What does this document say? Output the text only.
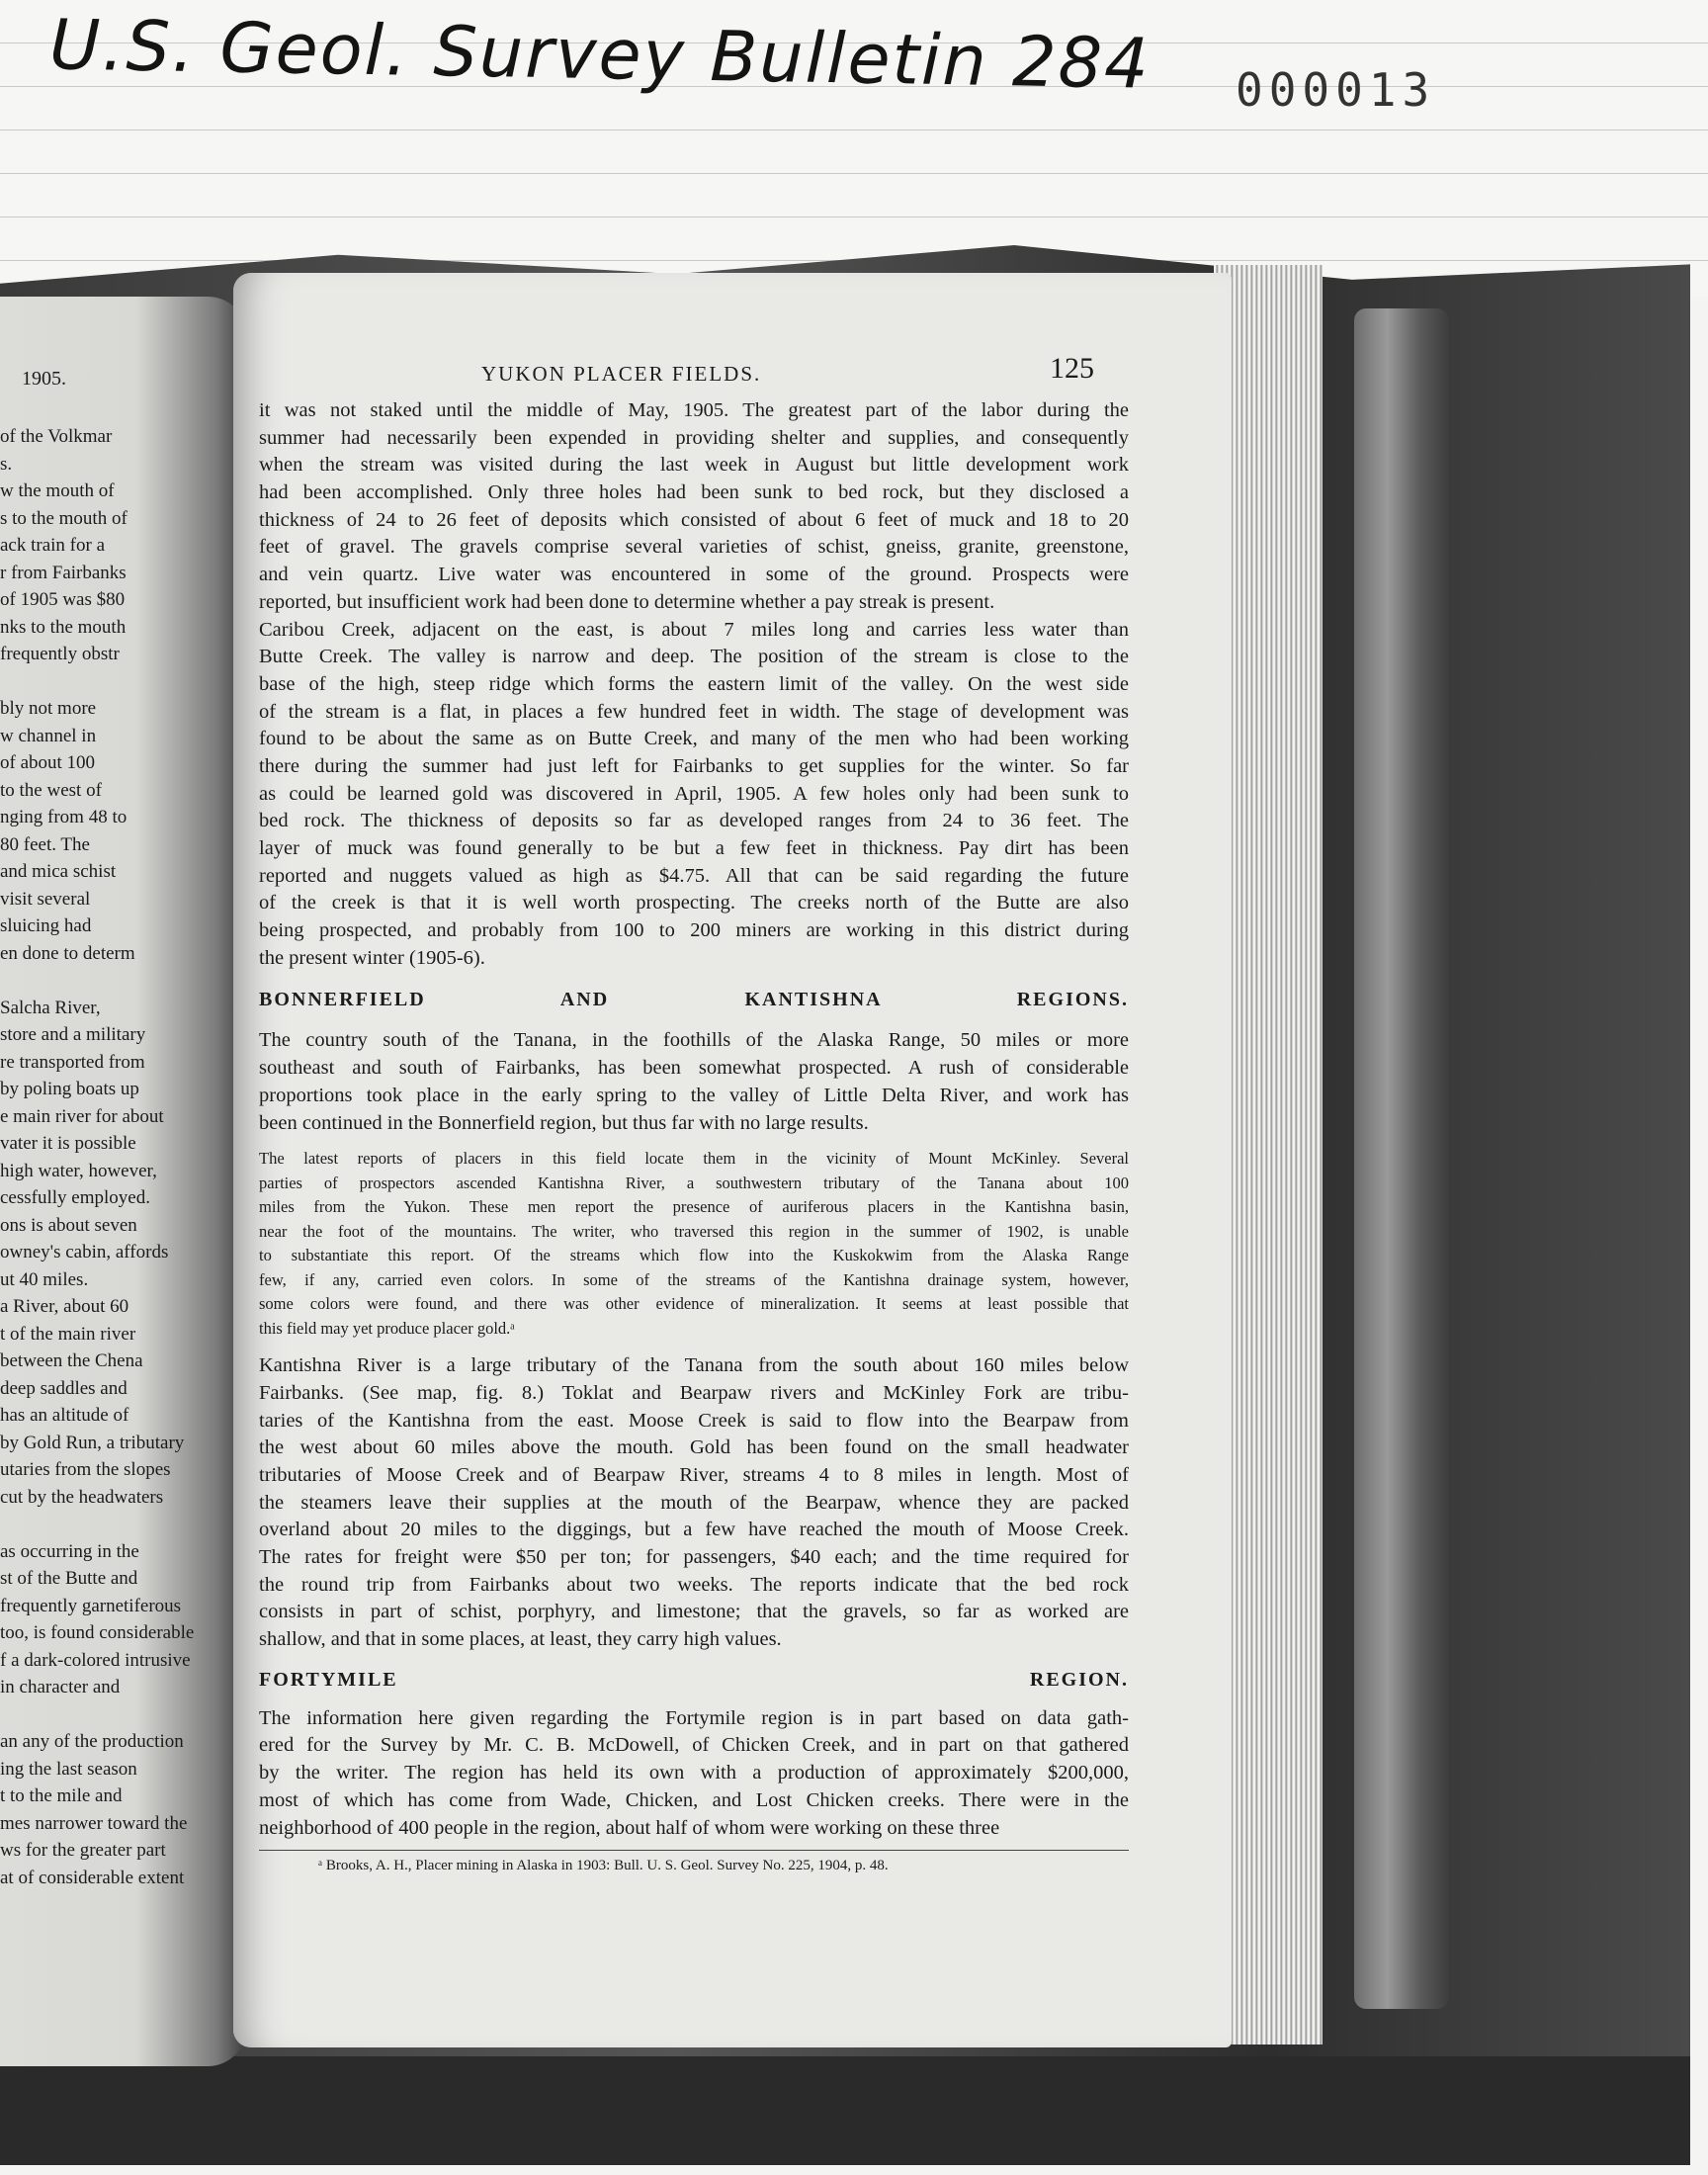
U.S. Geol. Survey Bulletin 284 000013
1905.
of the Volkmar
s.
w the mouth of
s to the mouth of
ack train for a
r from Fairbanks
of 1905 was $80
nks to the mouth
frequently obstr
bly not more
w channel in
of about 100
to the west of
nging from 48 to
80 feet. The
and mica schist
visit several
sluicing had
en done to determ
Salcha River,
store and a military
re transported from
by poling boats up
e main river for about
vater it is possible
high water, however,
cessfully employed.
ons is about seven
owney's cabin, affords
ut 40 miles.
a River, about 60
t of the main river
between the Chena
deep saddles and
has an altitude of
by Gold Run, a tributary
utaries from the slopes
cut by the headwaters
as occurring in the
st of the Butte and
frequently garnetiferous
too, is found considerable
f a dark-colored intrusive
in character and
an any of the production
ing the last season
t to the mile and
mes narrower toward the
ws for the greater part
at of considerable extent
YUKON PLACER FIELDS.	125
it was not staked until the middle of May, 1905. The greatest part of the labor during the
summer had necessarily been expended in providing shelter and supplies, and consequently
when the stream was visited during the last week in August but little development work
had been accomplished. Only three holes had been sunk to bed rock, but they disclosed a
thickness of 24 to 26 feet of deposits which consisted of about 6 feet of muck and 18 to 20
feet of gravel. The gravels comprise several varieties of schist, gneiss, granite, greenstone,
and vein quartz. Live water was encountered in some of the ground. Prospects were
reported, but insufficient work had been done to determine whether a pay streak is present.
Caribou Creek, adjacent on the east, is about 7 miles long and carries less water than
Butte Creek. The valley is narrow and deep. The position of the stream is close to the
base of the high, steep ridge which forms the eastern limit of the valley. On the west side
of the stream is a flat, in places a few hundred feet in width. The stage of development was
found to be about the same as on Butte Creek, and many of the men who had been working
there during the summer had just left for Fairbanks to get supplies for the winter. So far
as could be learned gold was discovered in April, 1905. A few holes only had been sunk to
bed rock. The thickness of deposits so far as developed ranges from 24 to 36 feet. The
layer of muck was found generally to be but a few feet in thickness. Pay dirt has been
reported and nuggets valued as high as $4.75. All that can be said regarding the future
of the creek is that it is well worth prospecting. The creeks north of the Butte are also
being prospected, and probably from 100 to 200 miners are working in this district during
the present winter (1905-6).
BONNERFIELD AND KANTISHNA REGIONS.
The country south of the Tanana, in the foothills of the Alaska Range, 50 miles or more
southeast and south of Fairbanks, has been somewhat prospected. A rush of considerable
proportions took place in the early spring to the valley of Little Delta River, and work has
been continued in the Bonnerfield region, but thus far with no large results.
The latest reports of placers in this field locate them in the vicinity of Mount McKinley. Several
parties of prospectors ascended Kantishna River, a southwestern tributary of the Tanana about 100
miles from the Yukon. These men report the presence of auriferous placers in the Kantishna basin,
near the foot of the mountains. The writer, who traversed this region in the summer of 1902, is unable
to substantiate this report. Of the streams which flow into the Kuskokwim from the Alaska Range
few, if any, carried even colors. In some of the streams of the Kantishna drainage system, however,
some colors were found, and there was other evidence of mineralization. It seems at least possible that
this field may yet produce placer gold.ᵃ
Kantishna River is a large tributary of the Tanana from the south about 160 miles below
Fairbanks. (See map, fig. 8.) Toklat and Bearpaw rivers and McKinley Fork are tribu-
taries of the Kantishna from the east. Moose Creek is said to flow into the Bearpaw from
the west about 60 miles above the mouth. Gold has been found on the small headwater
tributaries of Moose Creek and of Bearpaw River, streams 4 to 8 miles in length. Most of
the steamers leave their supplies at the mouth of the Bearpaw, whence they are packed
overland about 20 miles to the diggings, but a few have reached the mouth of Moose Creek.
The rates for freight were $50 per ton; for passengers, $40 each; and the time required for
the round trip from Fairbanks about two weeks. The reports indicate that the bed rock
consists in part of schist, porphyry, and limestone; that the gravels, so far as worked are
shallow, and that in some places, at least, they carry high values.
FORTYMILE REGION.
The information here given regarding the Fortymile region is in part based on data gath-
ered for the Survey by Mr. C. B. McDowell, of Chicken Creek, and in part on that gathered
by the writer. The region has held its own with a production of approximately $200,000,
most of which has come from Wade, Chicken, and Lost Chicken creeks. There were in the
neighborhood of 400 people in the region, about half of whom were working on these three
ᵃ Brooks, A. H., Placer mining in Alaska in 1903: Bull. U. S. Geol. Survey No. 225, 1904, p. 48.
